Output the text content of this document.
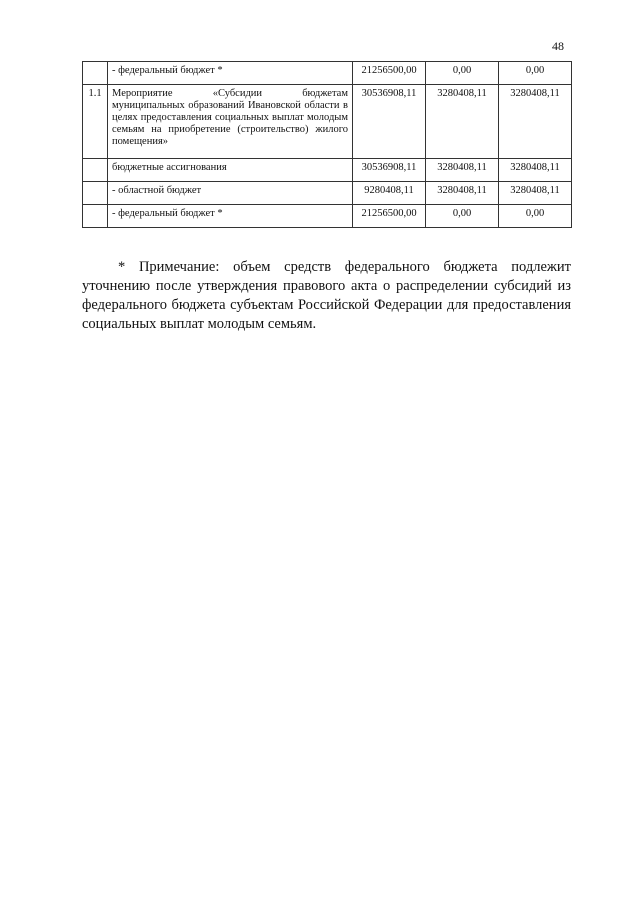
48
	- федеральный бюджет *	21256500,00	0,00	0,00
1.1	Мероприятие «Субсидии бюджетам муниципальных образований Ивановской области в целях предоставления социальных выплат молодым семьям на приобретение (строительство) жилого помещения»	30536908,11	3280408,11	3280408,11
	бюджетные ассигнования	30536908,11	3280408,11	3280408,11
	- областной бюджет	9280408,11	3280408,11	3280408,11
	- федеральный бюджет *	21256500,00	0,00	0,00

* Примечание: объем средств федерального бюджета подлежит уточнению после утверждения правового акта о распределении субсидий из федерального бюджета субъектам Российской Федерации для предоставления социальных выплат молодым семьям.
